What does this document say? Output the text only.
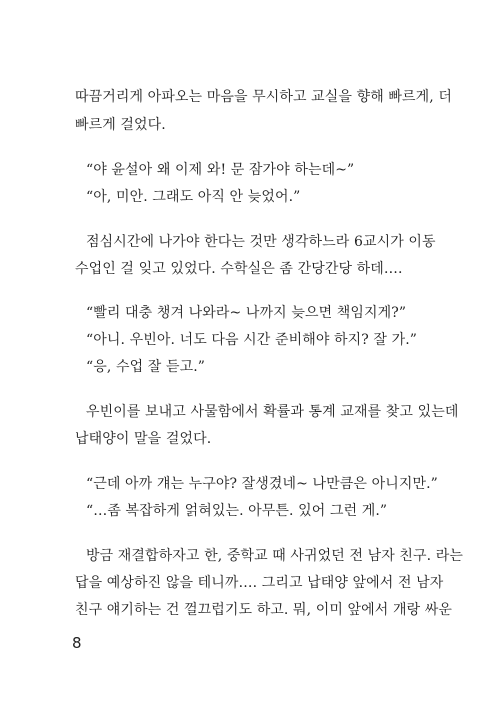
따끔거리게 아파오는 마음을 무시하고 교실을 향해 빠르게, 더
빠르게 걸었다.
“야 윤설아 왜 이제 와! 문 잠가야 하는데~”
“아, 미안. 그래도 아직 안 늦었어.”
점심시간에 나가야 한다는 것만 생각하느라 6교시가 이동
수업인 걸 잊고 있었다. 수학실은 좀 간당간당 하데….
“빨리 대충 챙겨 나와라~ 나까지 늦으면 책임지게?”
“아니. 우빈아. 너도 다음 시간 준비해야 하지? 잘 가.”
“응, 수업 잘 듣고.”
우빈이를 보내고 사물함에서 확률과 통계 교재를 찾고 있는데
납태양이 말을 걸었다.
“근데 아까 걔는 누구야? 잘생겼네~ 나만큼은 아니지만.”
“…좀 복잡하게 얽혀있는. 아무튼. 있어 그런 게.”
방금 재결합하자고 한, 중학교 때 사귀었던 전 남자 친구. 라는
답을 예상하진 않을 테니까…. 그리고 납태양 앞에서 전 남자
친구 얘기하는 건 껄끄럽기도 하고. 뭐, 이미 앞에서 개랑 싸운
8
